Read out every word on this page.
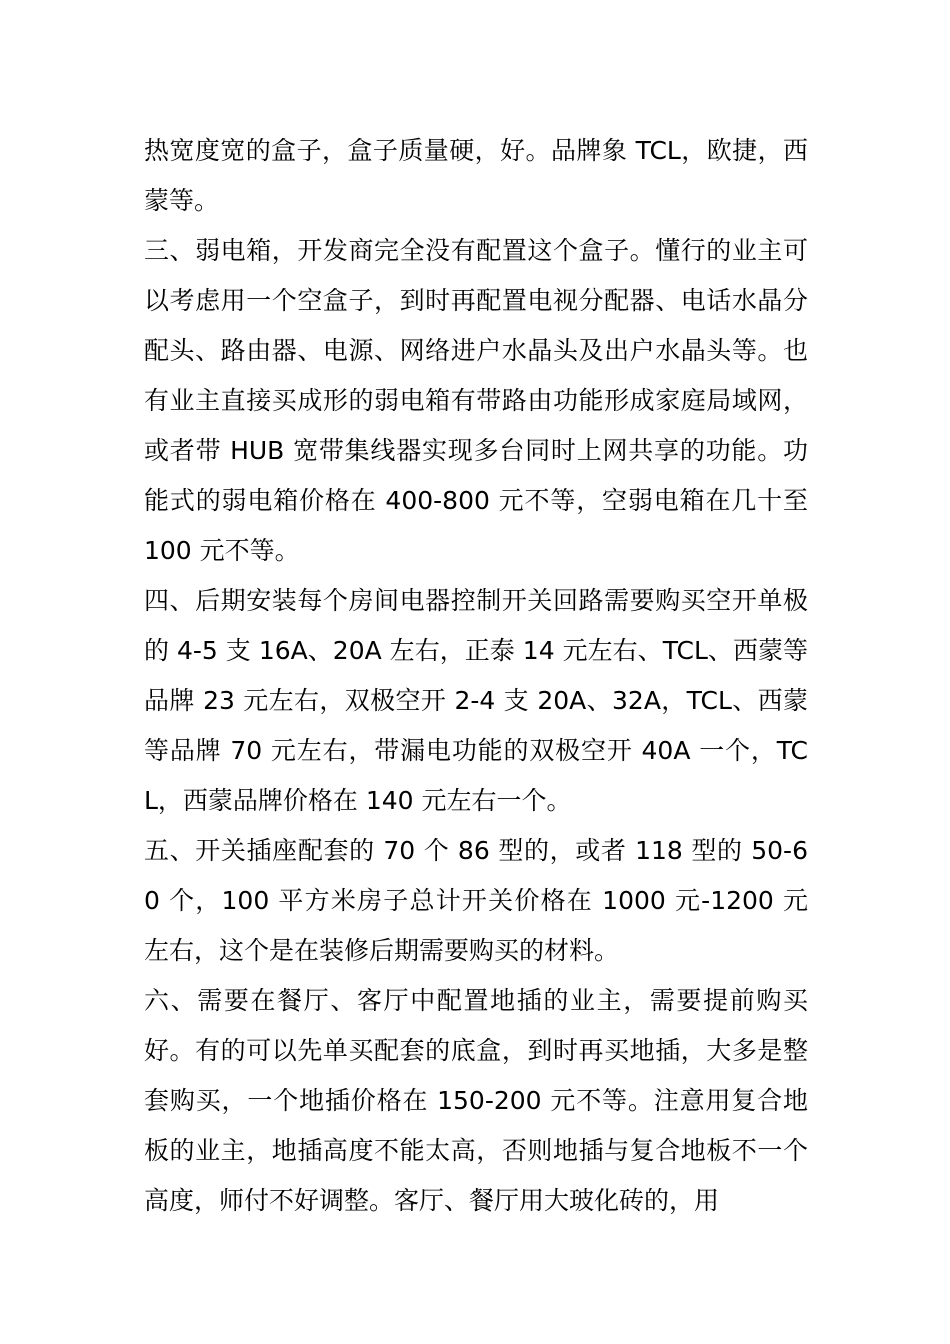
热宽度宽的盒子，盒子质量硬，好。品牌象 TCL，欧捷，西蒙等。

三、弱电箱，开发商完全没有配置这个盒子。懂行的业主可以考虑用一个空盒子，到时再配置电视分配器、电话水晶分配头、路由器、电源、网络进户水晶头及出户水晶头等。也有业主直接买成形的弱电箱有带路由功能形成家庭局域网，或者带 HUB 宽带集线器实现多台同时上网共享的功能。功能式的弱电箱价格在 400-800 元不等，空弱电箱在几十至 100 元不等。

四、后期安装每个房间电器控制开关回路需要购买空开单极的 4-5 支 16A、20A 左右，正泰 14 元左右、TCL、西蒙等品牌 23 元左右，双极空开 2-4 支 20A、32A，TCL、西蒙等品牌 70 元左右，带漏电功能的双极空开 40A 一个，TCL，西蒙品牌价格在 140 元左右一个。

五、开关插座配套的 70 个 86 型的，或者 118 型的 50-60 个，100 平方米房子总计开关价格在 1000 元-1200 元左右，这个是在装修后期需要购买的材料。

六、需要在餐厅、客厅中配置地插的业主，需要提前购买好。有的可以先单买配套的底盒，到时再买地插，大多是整套购买，一个地插价格在 150-200 元不等。注意用复合地板的业主，地插高度不能太高，否则地插与复合地板不一个高度，师付不好调整。客厅、餐厅用大玻化砖的，用
